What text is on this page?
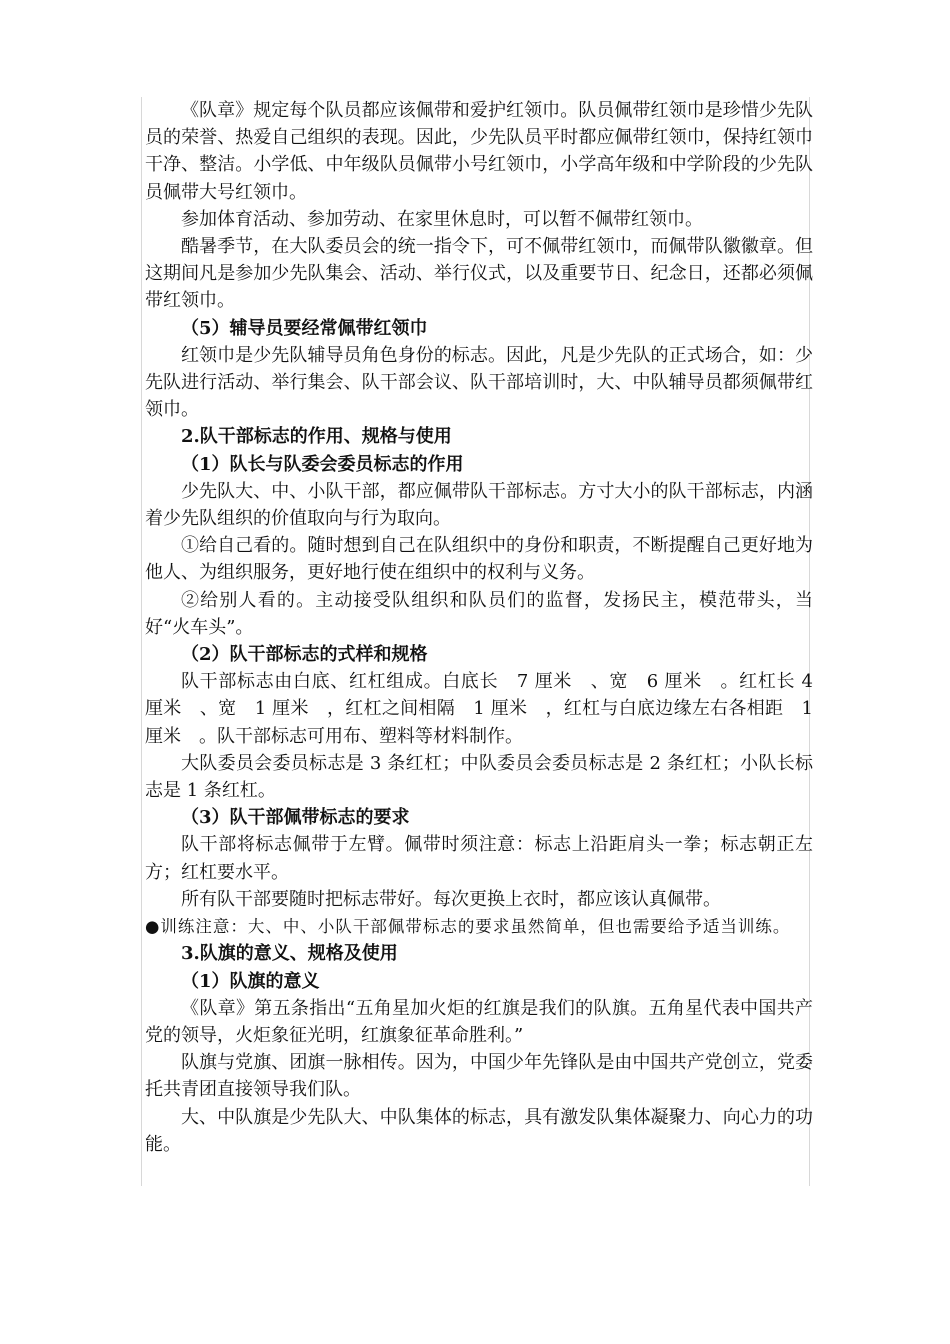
《队章》规定每个队员都应该佩带和爱护红领巾。队员佩带红领巾是珍惜少先队员的荣誉、热爱自己组织的表现。因此，少先队员平时都应佩带红领巾，保持红领巾干净、整洁。小学低、中年级队员佩带小号红领巾，小学高年级和中学阶段的少先队员佩带大号红领巾。

参加体育活动、参加劳动、在家里休息时，可以暂不佩带红领巾。

酷暑季节，在大队委员会的统一指令下，可不佩带红领巾，而佩带队徽徽章。但这期间凡是参加少先队集会、活动、举行仪式，以及重要节日、纪念日，还都必须佩带红领巾。

（5）辅导员要经常佩带红领巾

红领巾是少先队辅导员角色身份的标志。因此，凡是少先队的正式场合，如：少先队进行活动、举行集会、队干部会议、队干部培训时，大、中队辅导员都须佩带红领巾。

2.队干部标志的作用、规格与使用

（1）队长与队委会委员标志的作用

少先队大、中、小队干部，都应佩带队干部标志。方寸大小的队干部标志，内涵着少先队组织的价值取向与行为取向。

①给自己看的。随时想到自己在队组织中的身份和职责，不断提醒自己更好地为他人、为组织服务，更好地行使在组织中的权利与义务。

②给别人看的。主动接受队组织和队员们的监督，发扬民主，模范带头，当好“火车头”。

（2）队干部标志的式样和规格

队干部标志由白底、红杠组成。白底长　7 厘米　、宽　6 厘米　。红杠长 4 厘米　、宽　1 厘米　，红杠之间相隔　1 厘米　，红杠与白底边缘左右各相距　1 厘米　。队干部标志可用布、塑料等材料制作。

大队委员会委员标志是 3 条红杠；中队委员会委员标志是 2 条红杠；小队长标志是 1 条红杠。

（3）队干部佩带标志的要求

队干部将标志佩带于左臂。佩带时须注意：标志上沿距肩头一拳；标志朝正左方；红杠要水平。

所有队干部要随时把标志带好。每次更换上衣时，都应该认真佩带。

●训练注意：大、中、小队干部佩带标志的要求虽然简单，但也需要给予适当训练。

3.队旗的意义、规格及使用

（1）队旗的意义

《队章》第五条指出“五角星加火炬的红旗是我们的队旗。五角星代表中国共产党的领导，火炬象征光明，红旗象征革命胜利。”

队旗与党旗、团旗一脉相传。因为，中国少年先锋队是由中国共产党创立，党委托共青团直接领导我们队。

大、中队旗是少先队大、中队集体的标志，具有激发队集体凝聚力、向心力的功能。
